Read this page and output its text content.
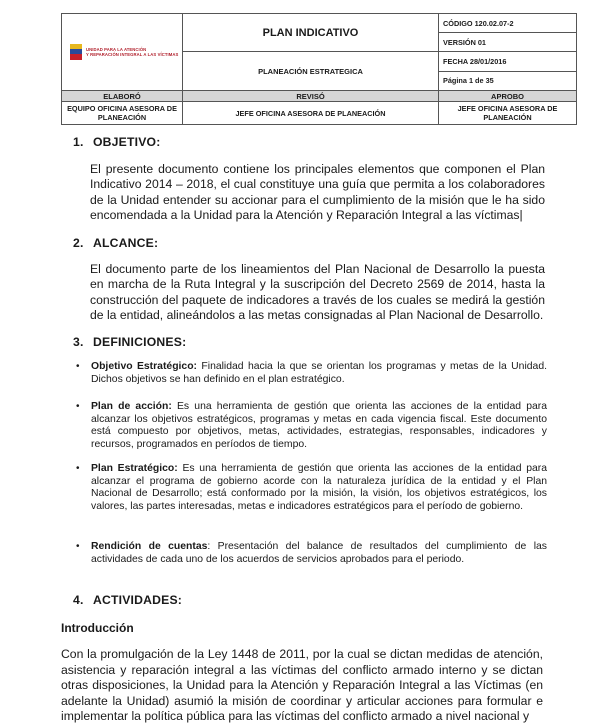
UNIDAD PARA LA ATENCIÓN
Y REPARACIÓN INTEGRAL A LAS VÍCTIMAS	PLAN INDICATIVO	CÓDIGO 120.02.07-2
		VERSIÓN 01
	PLANEACIÓN ESTRATEGICA	FECHA 28/01/2016
		Página 1 de 35
ELABORÓ	REVISÓ	APROBO
EQUIPO OFICINA ASESORA DE PLANEACIÓN	JEFE OFICINA ASESORA DE PLANEACIÓN	JEFE OFICINA ASESORA DE PLANEACIÓN
1. OBJETIVO:
El presente documento contiene los principales elementos que componen el Plan Indicativo 2014 – 2018, el cual constituye una guía que permita a los colaboradores de la Unidad entender su accionar para el cumplimiento de la misión que le ha sido encomendada a la Unidad para la Atención y Reparación Integral a las víctimas|
2. ALCANCE:
El documento parte de los lineamientos del Plan Nacional de Desarrollo la puesta en marcha de la Ruta Integral y la suscripción del Decreto 2569 de 2014, hasta la construcción del paquete de indicadores a través de los cuales se medirá la gestión de la entidad, alineándolos a las metas consignadas al Plan Nacional de Desarrollo.
3. DEFINICIONES:
• Objetivo Estratégico: Finalidad hacia la que se orientan los programas y metas de la Unidad. Dichos objetivos se han definido en el plan estratégico.
• Plan de acción: Es una herramienta de gestión que orienta las acciones de la entidad para alcanzar los objetivos estratégicos, programas y metas en cada vigencia fiscal. Este documento está compuesto por objetivos, metas, actividades, estrategias, responsables, indicadores y recursos, programados en períodos de tiempo.
• Plan Estratégico: Es una herramienta de gestión que orienta las acciones de la entidad para alcanzar el programa de gobierno acorde con la naturaleza jurídica de la entidad y el Plan Nacional de Desarrollo; está conformado por la misión, la visión, los objetivos estratégicos, los valores, las partes interesadas, metas e indicadores estratégicos para el período de gobierno.
• Rendición de cuentas: Presentación del balance de resultados del cumplimiento de las actividades de cada uno de los acuerdos de servicios aprobados para el periodo.
4. ACTIVIDADES:
Introducción
Con la promulgación de la Ley 1448 de 2011, por la cual se dictan medidas de atención, asistencia y reparación integral a las víctimas del conflicto armado interno y se dictan otras disposiciones, la Unidad para la Atención y Reparación Integral a las Víctimas (en adelante la Unidad) asumió la misión de coordinar y articular acciones para formular e implementar la política pública para las víctimas del conflicto armado a nivel nacional y
